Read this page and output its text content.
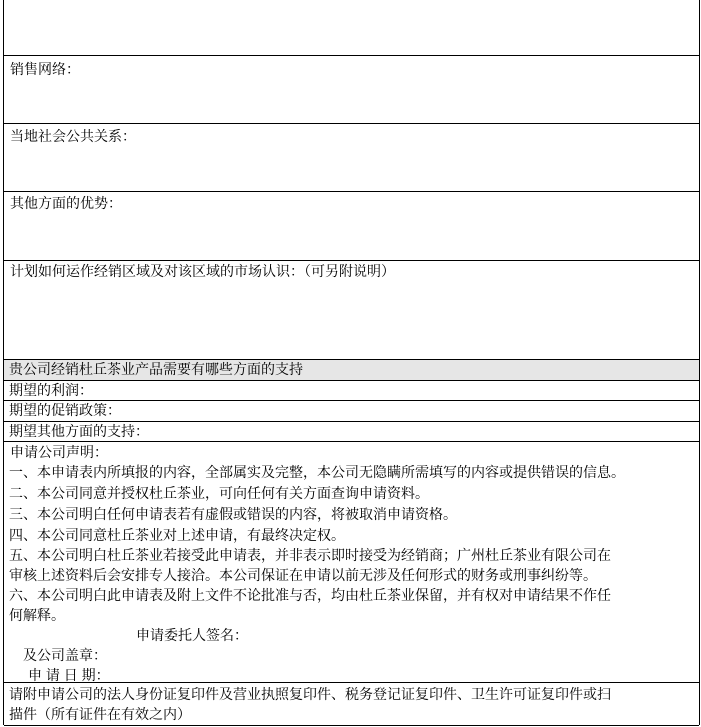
销售网络：
当地社会公共关系：
其他方面的优势：
计划如何运作经销区域及对该区域的市场认识：（可另附说明）
贵公司经销杜丘茶业产品需要有哪些方面的支持
期望的利润：
期望的促销政策：
期望其他方面的支持：
申请公司声明：
一、本申请表内所填报的内容，全部属实及完整，本公司无隐瞒所需填写的内容或提供错误的信息。
二、本公司同意并授权杜丘茶业，可向任何有关方面查询申请资料。
三、本公司明白任何申请表若有虚假或错误的内容，将被取消申请资格。
四、本公司同意杜丘茶业对上述申请，有最终决定权。
五、本公司明白杜丘茶业若接受此申请表，并非表示即时接受为经销商；广州杜丘茶业有限公司在
审核上述资料后会安排专人接洽。本公司保证在申请以前无涉及任何形式的财务或刑事纠纷等。
六、本公司明白此申请表及附上文件不论批准与否，均由杜丘茶业保留，并有权对申请结果不作任
何解释。
申请委托人签名：
及公司盖章：
申 请 日 期：
请附申请公司的法人身份证复印件及营业执照复印件、税务登记证复印件、卫生许可证复印件或扫
描件（所有证件在有效之内）
